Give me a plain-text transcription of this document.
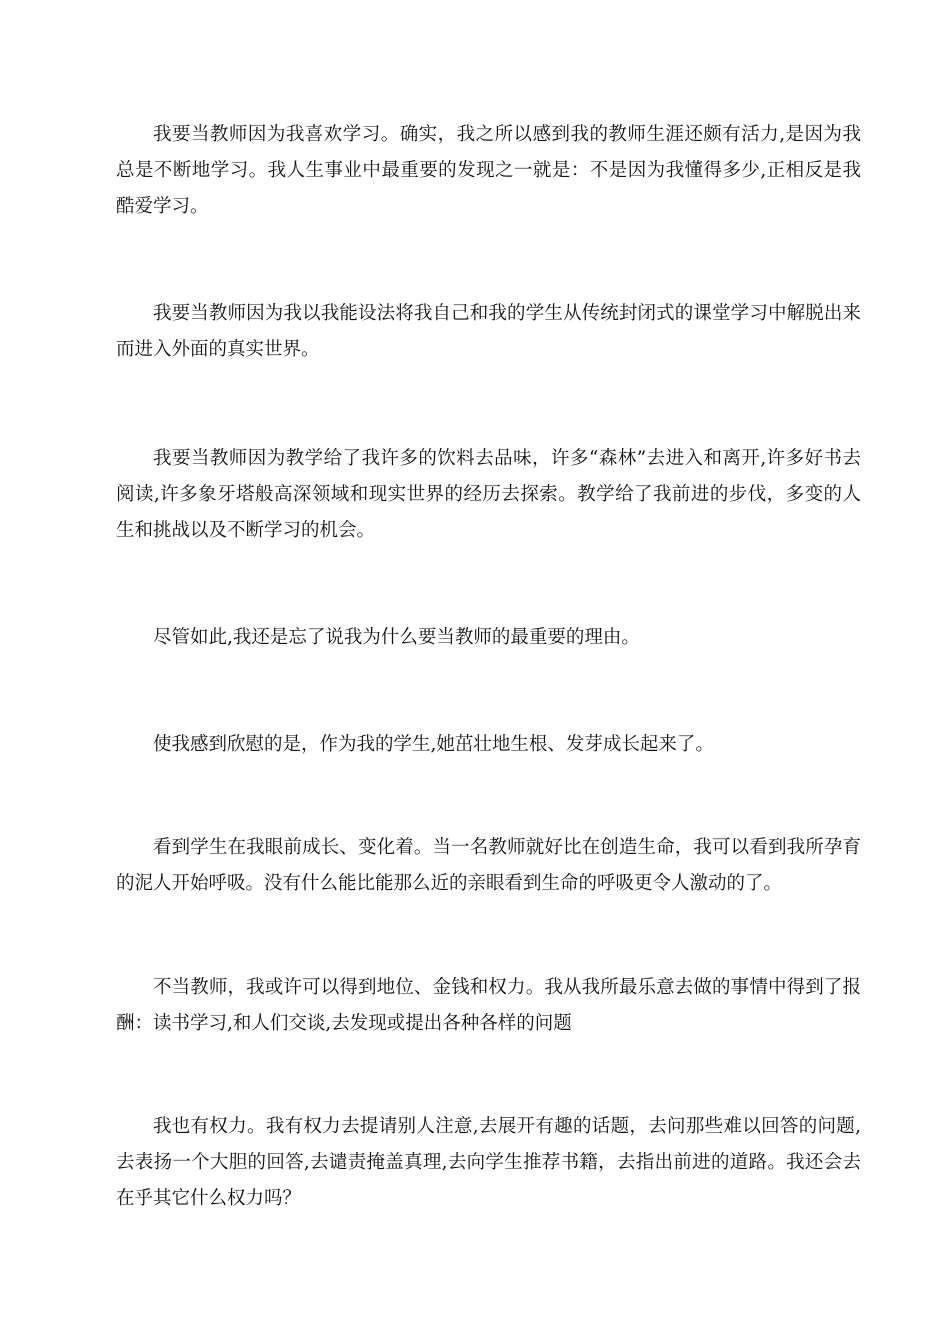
我要当教师因为我喜欢学习。确实，我之所以感到我的教师生涯还颇有活力,是因为我总是不断地学习。我人生事业中最重要的发现之一就是：不是因为我懂得多少,正相反是我酷爱学习。

我要当教师因为我以我能设法将我自己和我的学生从传统封闭式的课堂学习中解脱出来而进入外面的真实世界。

我要当教师因为教学给了我许多的饮料去品味，许多“森林”去进入和离开,许多好书去阅读,许多象牙塔般高深领域和现实世界的经历去探索。教学给了我前进的步伐，多变的人生和挑战以及不断学习的机会。

尽管如此,我还是忘了说我为什么要当教师的最重要的理由。

使我感到欣慰的是，作为我的学生,她茁壮地生根、发芽成长起来了。

看到学生在我眼前成长、变化着。当一名教师就好比在创造生命，我可以看到我所孕育的泥人开始呼吸。没有什么能比能那么近的亲眼看到生命的呼吸更令人激动的了。

不当教师，我或许可以得到地位、金钱和权力。我从我所最乐意去做的事情中得到了报酬：读书学习,和人们交谈,去发现或提出各种各样的问题

我也有权力。我有权力去提请别人注意,去展开有趣的话题，去问那些难以回答的问题,去表扬一个大胆的回答,去谴责掩盖真理,去向学生推荐书籍，去指出前进的道路。我还会去在乎其它什么权力吗？
